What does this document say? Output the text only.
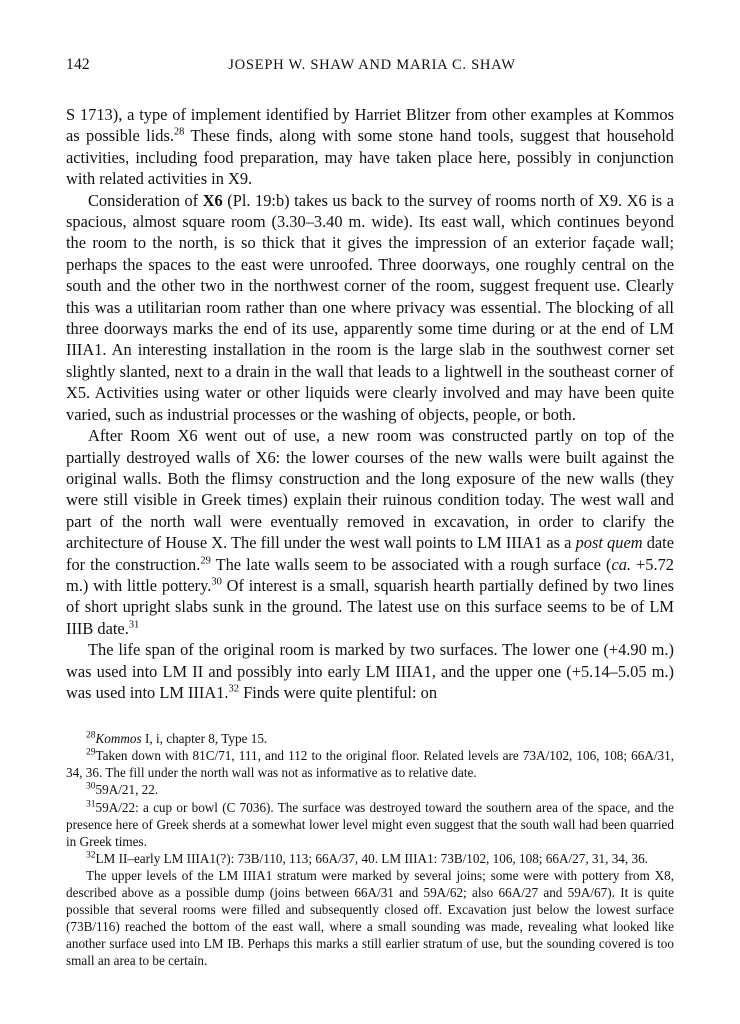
142	JOSEPH W. SHAW AND MARIA C. SHAW

S 1713), a type of implement identified by Harriet Blitzer from other examples at Kommos as possible lids.$^{28}$ These finds, along with some stone hand tools, suggest that household activities, including food preparation, may have taken place here, possibly in conjunction with related activities in X9.

Consideration of X6 (Pl. 19:b) takes us back to the survey of rooms north of X9. X6 is a spacious, almost square room (3.30–3.40 m. wide). Its east wall, which continues beyond the room to the north, is so thick that it gives the impression of an exterior façade wall; perhaps the spaces to the east were unroofed. Three doorways, one roughly central on the south and the other two in the northwest corner of the room, suggest frequent use. Clearly this was a utilitarian room rather than one where privacy was essential. The blocking of all three doorways marks the end of its use, apparently some time during or at the end of LM IIIA1. An interesting installation in the room is the large slab in the southwest corner set slightly slanted, next to a drain in the wall that leads to a lightwell in the southeast corner of X5. Activities using water or other liquids were clearly involved and may have been quite varied, such as industrial processes or the washing of objects, people, or both.

After Room X6 went out of use, a new room was constructed partly on top of the partially destroyed walls of X6: the lower courses of the new walls were built against the original walls. Both the flimsy construction and the long exposure of the new walls (they were still visible in Greek times) explain their ruinous condition today. The west wall and part of the north wall were eventually removed in excavation, in order to clarify the architecture of House X. The fill under the west wall points to LM IIIA1 as a post quem date for the construction.$^{29}$ The late walls seem to be associated with a rough surface (ca. +5.72 m.) with little pottery.$^{30}$ Of interest is a small, squarish hearth partially defined by two lines of short upright slabs sunk in the ground. The latest use on this surface seems to be of LM IIIB date.$^{31}$

The life span of the original room is marked by two surfaces. The lower one (+4.90 m.) was used into LM II and possibly into early LM IIIA1, and the upper one (+5.14–5.05 m.) was used into LM IIIA1.32 Finds were quite plentiful: on

$^{28}$Kommos I, i, chapter 8, Type 15.

$^{29}$Taken down with 81C/71, 111, and 112 to the original floor. Related levels are 73A/102, 106, 108; 66A/31, 34, 36. The fill under the north wall was not as informative as to relative date.

$^{30}$59A/21, 22.

$^{31}$59A/22: a cup or bowl (C 7036). The surface was destroyed toward the southern area of the space, and the presence here of Greek sherds at a somewhat lower level might even suggest that the south wall had been quarried in Greek times.

$^{32}$LM II–early LM IIIA1(?): 73B/110, 113; 66A/37, 40. LM IIIA1: 73B/102, 106, 108; 66A/27, 31, 34, 36.

The upper levels of the LM IIIA1 stratum were marked by several joins; some were with pottery from X8, described above as a possible dump (joins between 66A/31 and 59A/62; also 66A/27 and 59A/67). It is quite possible that several rooms were filled and subsequently closed off. Excavation just below the lowest surface (73B/116) reached the bottom of the east wall, where a small sounding was made, revealing what looked like another surface used into LM IB. Perhaps this marks a still earlier stratum of use, but the sounding covered is too small an area to be certain.
